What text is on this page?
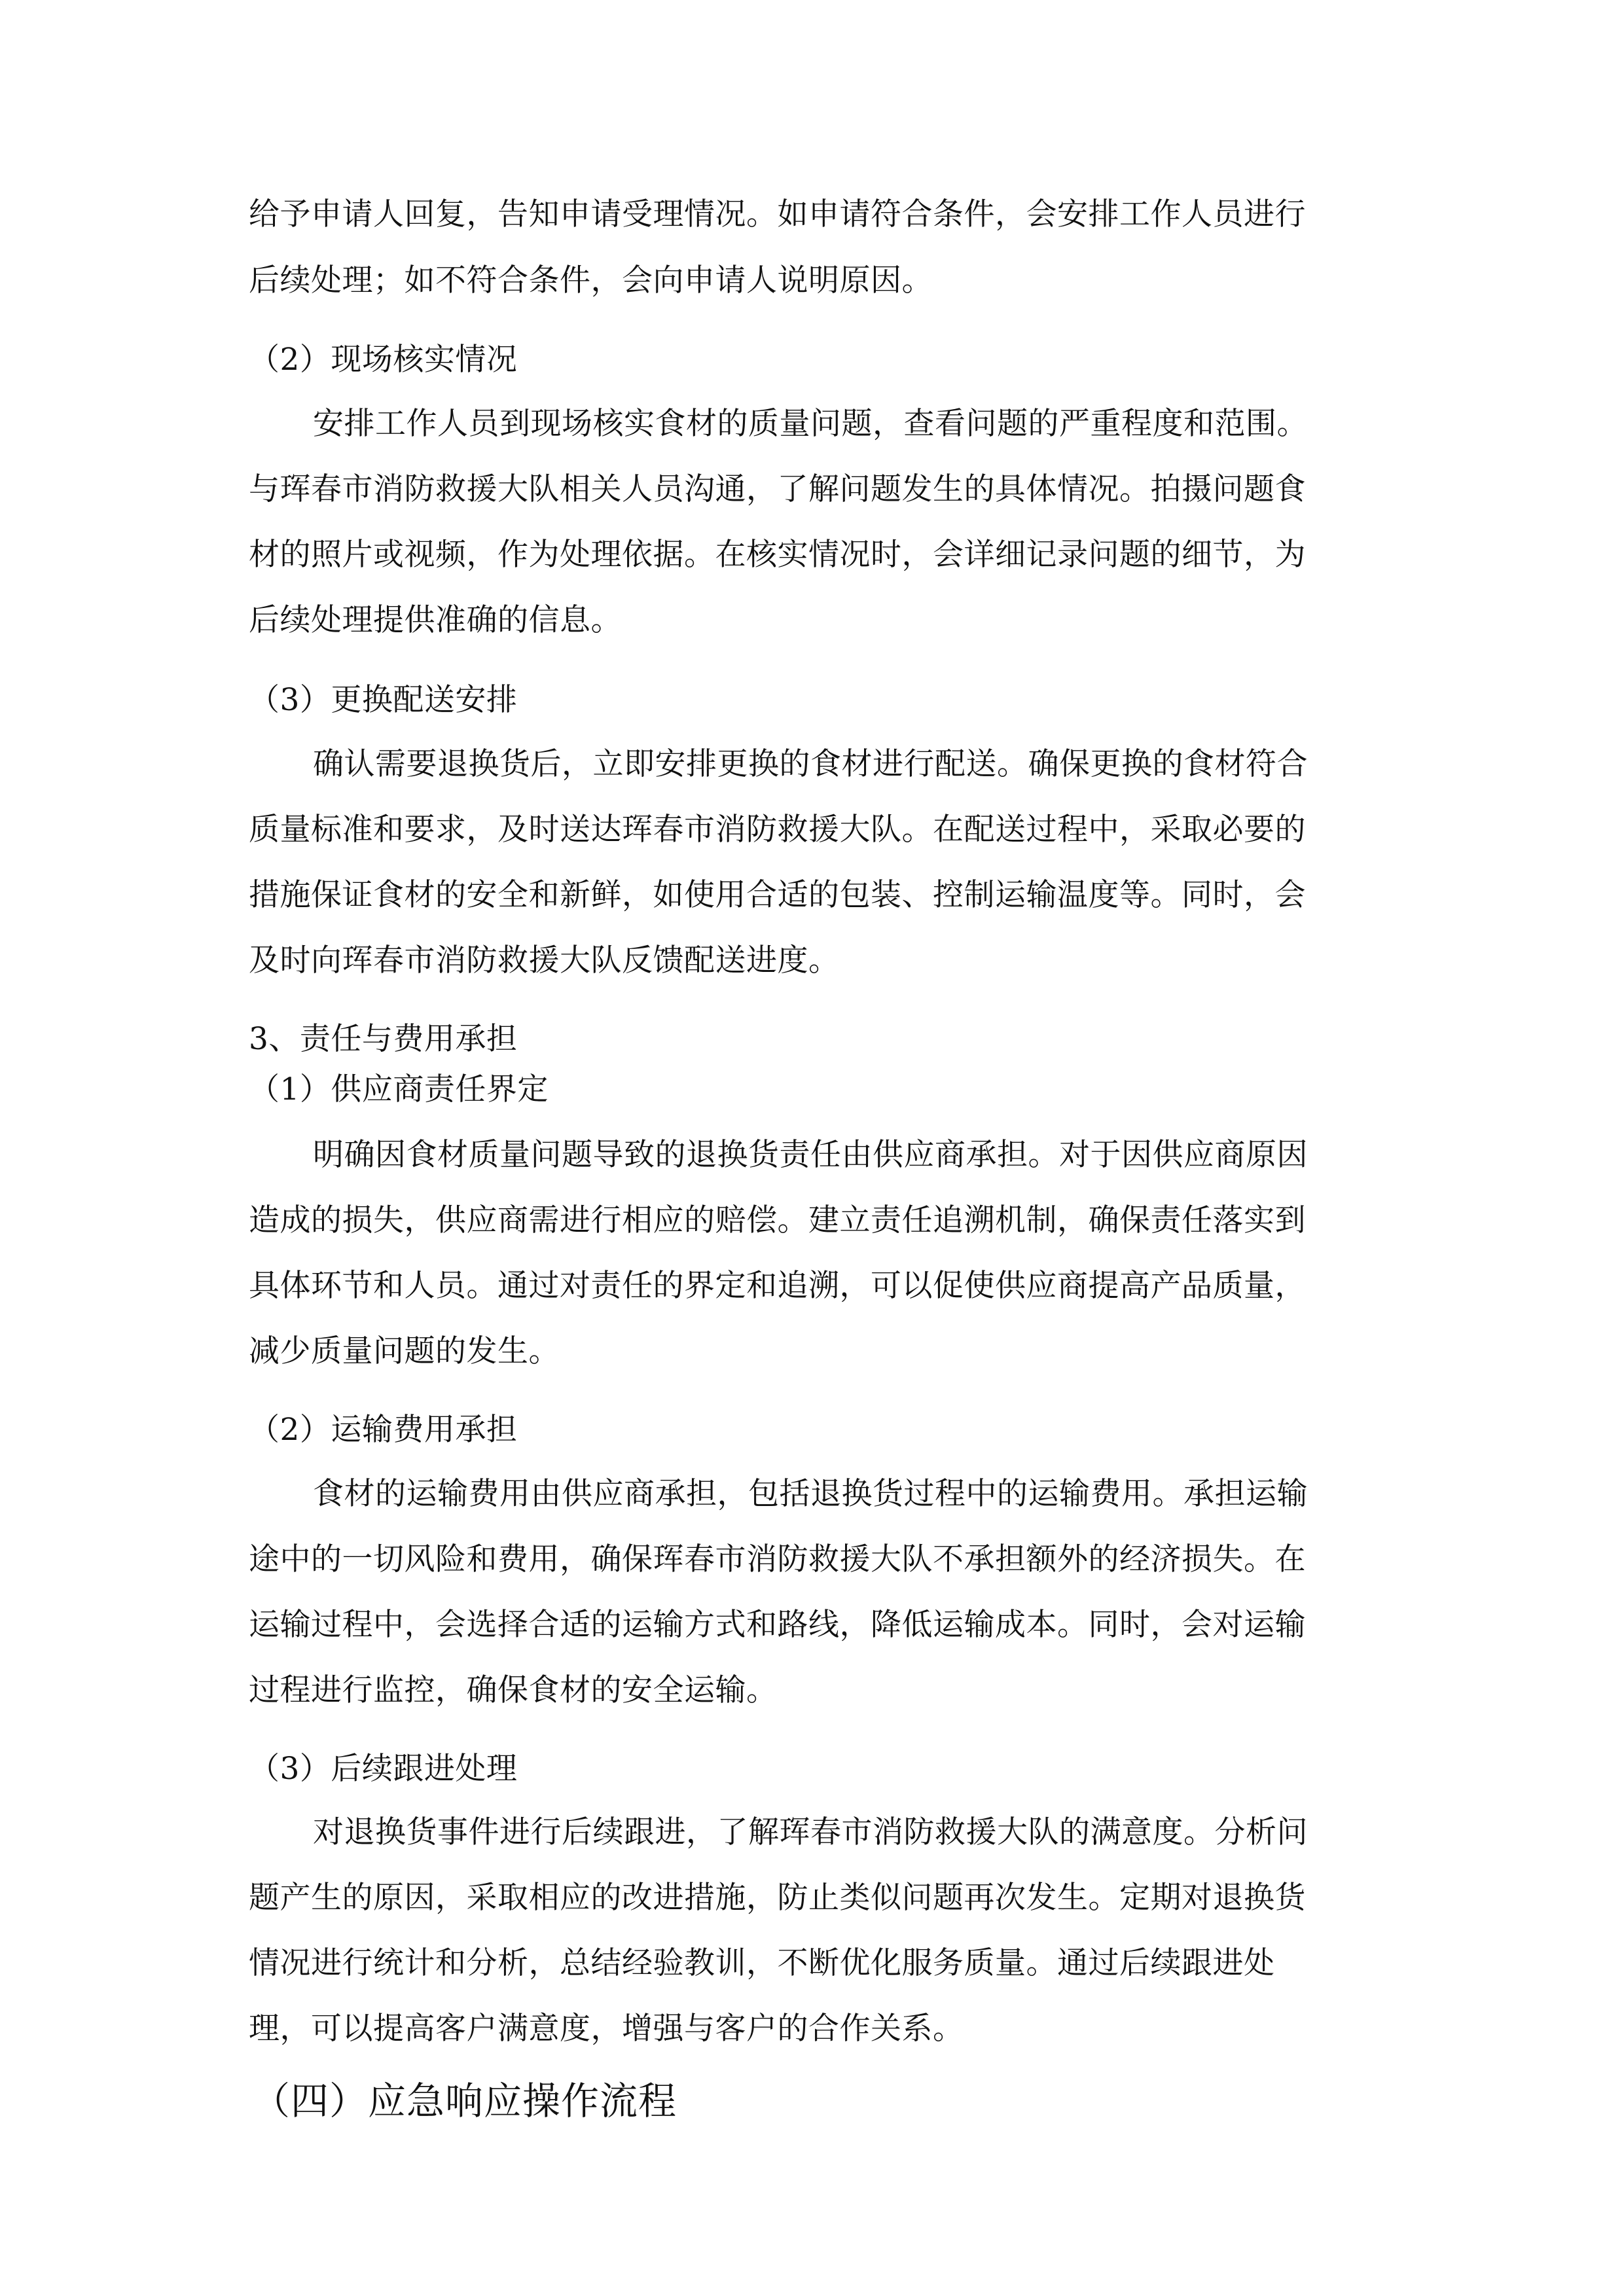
给予申请人回复，告知申请受理情况。如申请符合条件，会安排工作人员进行
后续处理；如不符合条件，会向申请人说明原因。
（2）现场核实情况
安排工作人员到现场核实食材的质量问题，查看问题的严重程度和范围。
与珲春市消防救援大队相关人员沟通，了解问题发生的具体情况。拍摄问题食
材的照片或视频，作为处理依据。在核实情况时，会详细记录问题的细节，为
后续处理提供准确的信息。
（3）更换配送安排
确认需要退换货后，立即安排更换的食材进行配送。确保更换的食材符合
质量标准和要求，及时送达珲春市消防救援大队。在配送过程中，采取必要的
措施保证食材的安全和新鲜，如使用合适的包装、控制运输温度等。同时，会
及时向珲春市消防救援大队反馈配送进度。
3、责任与费用承担
（1）供应商责任界定
明确因食材质量问题导致的退换货责任由供应商承担。对于因供应商原因
造成的损失，供应商需进行相应的赔偿。建立责任追溯机制，确保责任落实到
具体环节和人员。通过对责任的界定和追溯，可以促使供应商提高产品质量，
减少质量问题的发生。
（2）运输费用承担
食材的运输费用由供应商承担，包括退换货过程中的运输费用。承担运输
途中的一切风险和费用，确保珲春市消防救援大队不承担额外的经济损失。在
运输过程中，会选择合适的运输方式和路线，降低运输成本。同时，会对运输
过程进行监控，确保食材的安全运输。
（3）后续跟进处理
对退换货事件进行后续跟进，了解珲春市消防救援大队的满意度。分析问
题产生的原因，采取相应的改进措施，防止类似问题再次发生。定期对退换货
情况进行统计和分析，总结经验教训，不断优化服务质量。通过后续跟进处
理，可以提高客户满意度，增强与客户的合作关系。
（四）应急响应操作流程
